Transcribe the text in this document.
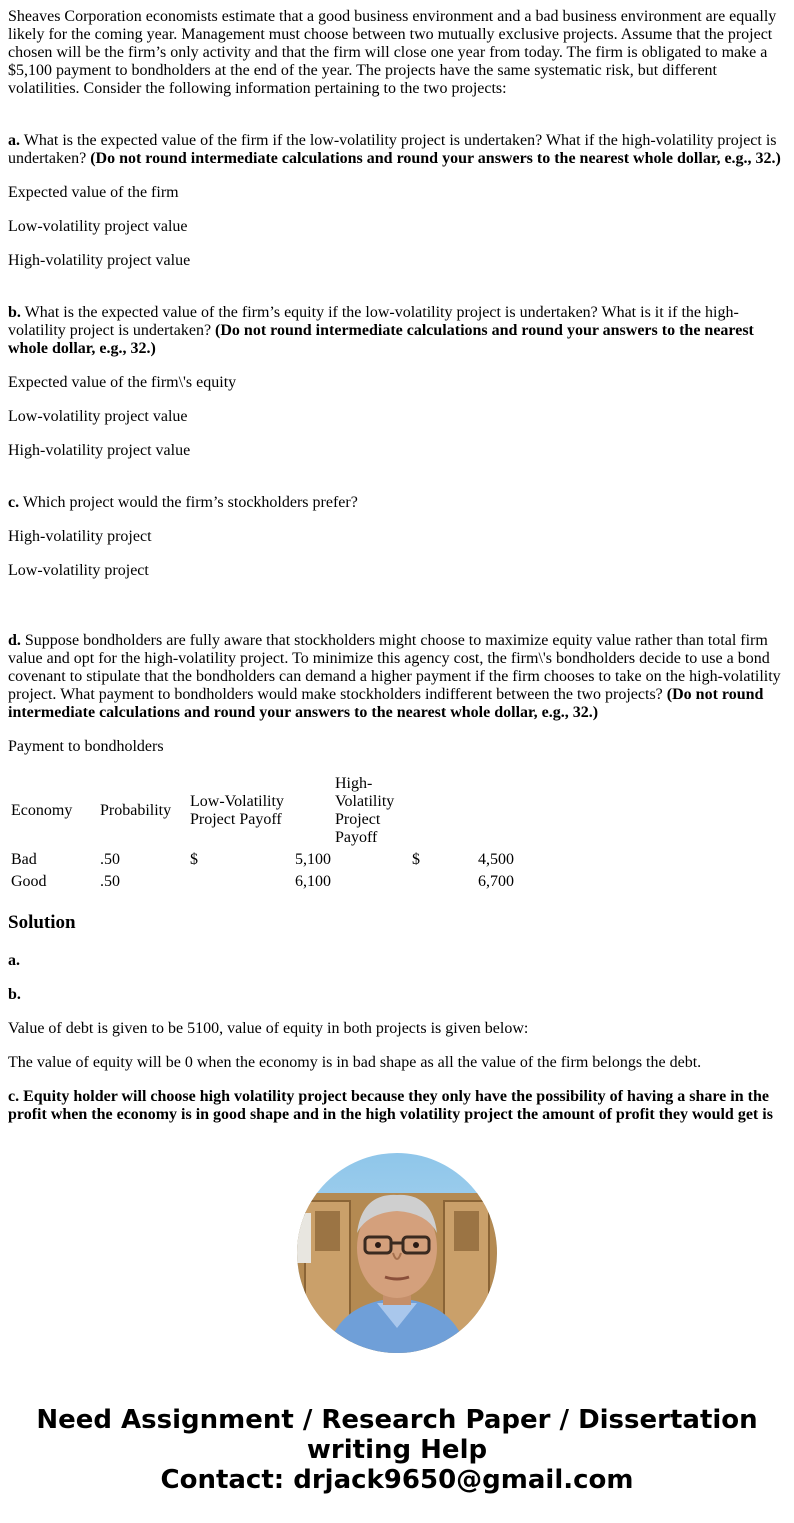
Sheaves Corporation economists estimate that a good business environment and a bad business environment are equally likely for the coming year. Management must choose between two mutually exclusive projects. Assume that the project chosen will be the firm’s only activity and that the firm will close one year from today. The firm is obligated to make a $5,100 payment to bondholders at the end of the year. The projects have the same systematic risk, but different volatilities. Consider the following information pertaining to the two projects:

a. What is the expected value of the firm if the low-volatility project is undertaken? What if the high-volatility project is undertaken? (Do not round intermediate calculations and round your answers to the nearest whole dollar, e.g., 32.)

Expected value of the firm

Low-volatility project value

High-volatility project value

b. What is the expected value of the firm’s equity if the low-volatility project is undertaken? What is it if the high-volatility project is undertaken? (Do not round intermediate calculations and round your answers to the nearest whole dollar, e.g., 32.)

Expected value of the firm\'s equity

Low-volatility project value

High-volatility project value

c. Which project would the firm’s stockholders prefer?

High-volatility project

Low-volatility project

d. Suppose bondholders are fully aware that stockholders might choose to maximize equity value rather than total firm value and opt for the high-volatility project. To minimize this agency cost, the firm\'s bondholders decide to use a bond covenant to stipulate that the bondholders can demand a higher payment if the firm chooses to take on the high-volatility project. What payment to bondholders would make stockholders indifferent between the two projects? (Do not round intermediate calculations and round your answers to the nearest whole dollar, e.g., 32.)

Payment to bondholders

Economy	Probability	Low-Volatility Project Payoff		High-Volatility Project Payoff	
Bad	.50	$	5,100	$	4,500
Good	.50		6,100		6,700
Solution

a.

b.

Value of debt is given to be 5100, value of equity in both projects is given below:

The value of equity will be 0 when the economy is in bad shape as all the value of the firm belongs the debt.

c. Equity holder will choose high volatility project because they only have the possibility of having a share in the profit when the economy is in good shape and in the high volatility project the amount of profit they would get is

Need Assignment / Research Paper / Dissertation
writing Help
Contact: drjack9650@gmail.com
